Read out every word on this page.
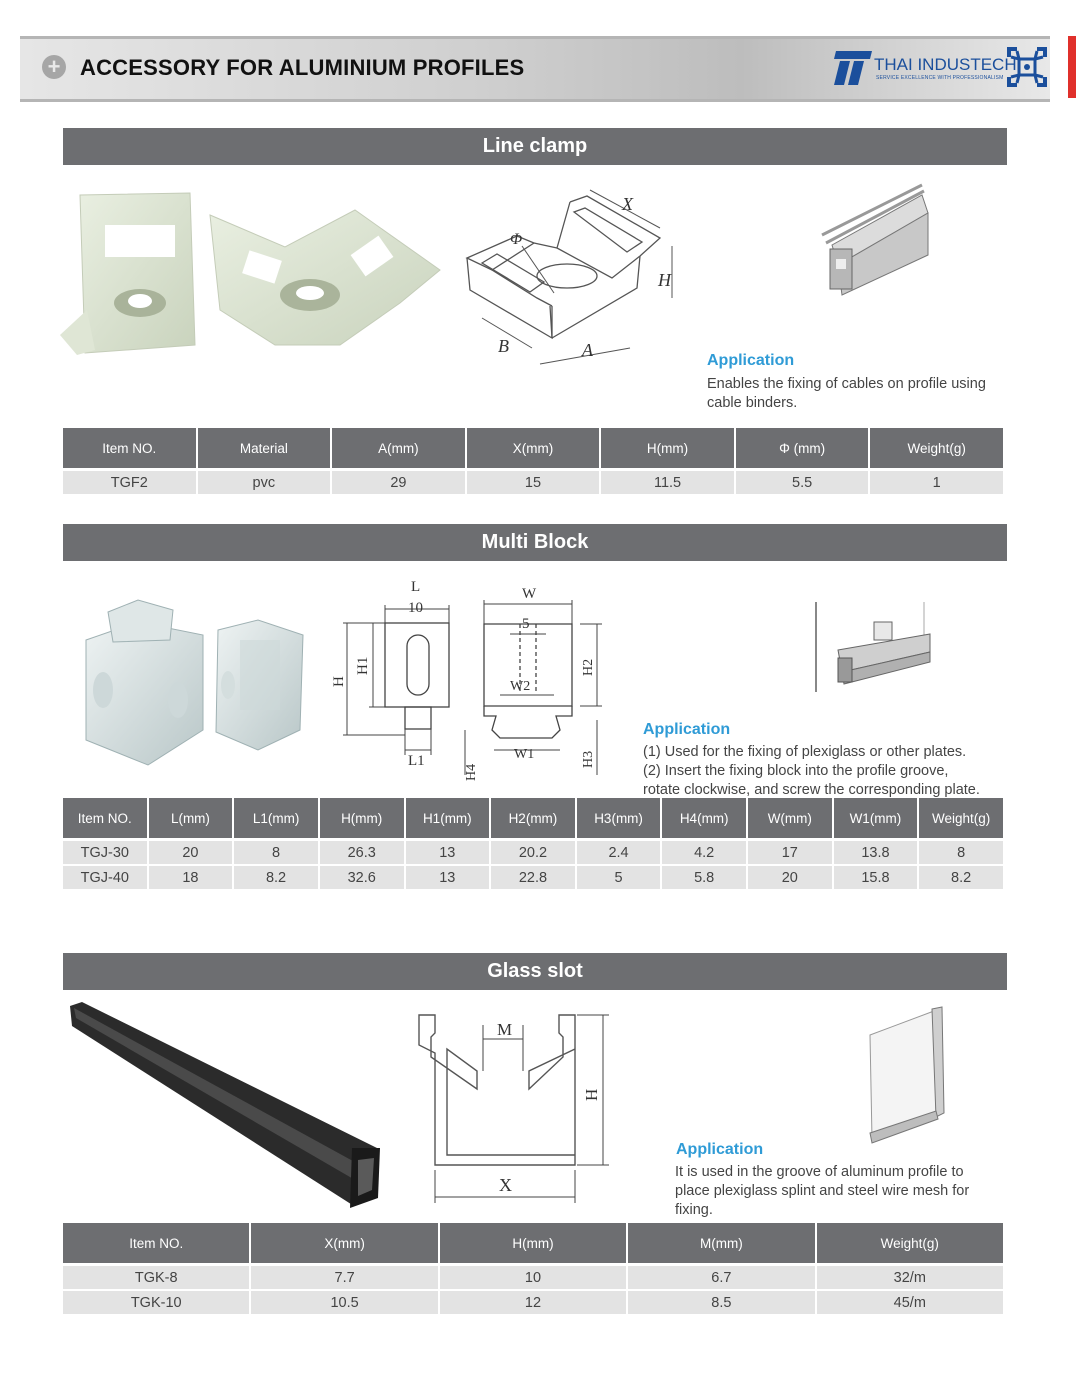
+ ACCESSORY FOR ALUMINIUM PROFILES	THAI INDUSTECH
SERVICE EXCELLENCE WITH PROFESSIONALISM
Line clamp
X
Φ
H
B	A
Application
Enables the fixing of cables on profile using
cable binders.
Item NO.	Material	A(mm)	X(mm)	H(mm)	Φ (mm)	Weight(g)
TGF2	pvc	29	15	11.5	5.5	1
Multi Block
L
10
H
H1
L1
H4
W
5
W2
W1
H2
H3
Application
(1) Used for the fixing of plexiglass or other plates.
(2) Insert the fixing block into the profile groove,
rotate clockwise, and screw the corresponding plate.
Item NO.	L(mm)	L1(mm)	H(mm)	H1(mm)	H2(mm)	H3(mm)	H4(mm)	W(mm)	W1(mm)	Weight(g)
TGJ-30	20	8	26.3	13	20.2	2.4	4.2	17	13.8	8
TGJ-40	18	8.2	32.6	13	22.8	5	5.8	20	15.8	8.2
Glass slot
M
H
X
Application
It is used in the groove of aluminum profile to
place plexiglass splint and steel wire mesh for
fixing.
Item NO.	X(mm)	H(mm)	M(mm)	Weight(g)
TGK-8	7.7	10	6.7	32/m
TGK-10	10.5	12	8.5	45/m
